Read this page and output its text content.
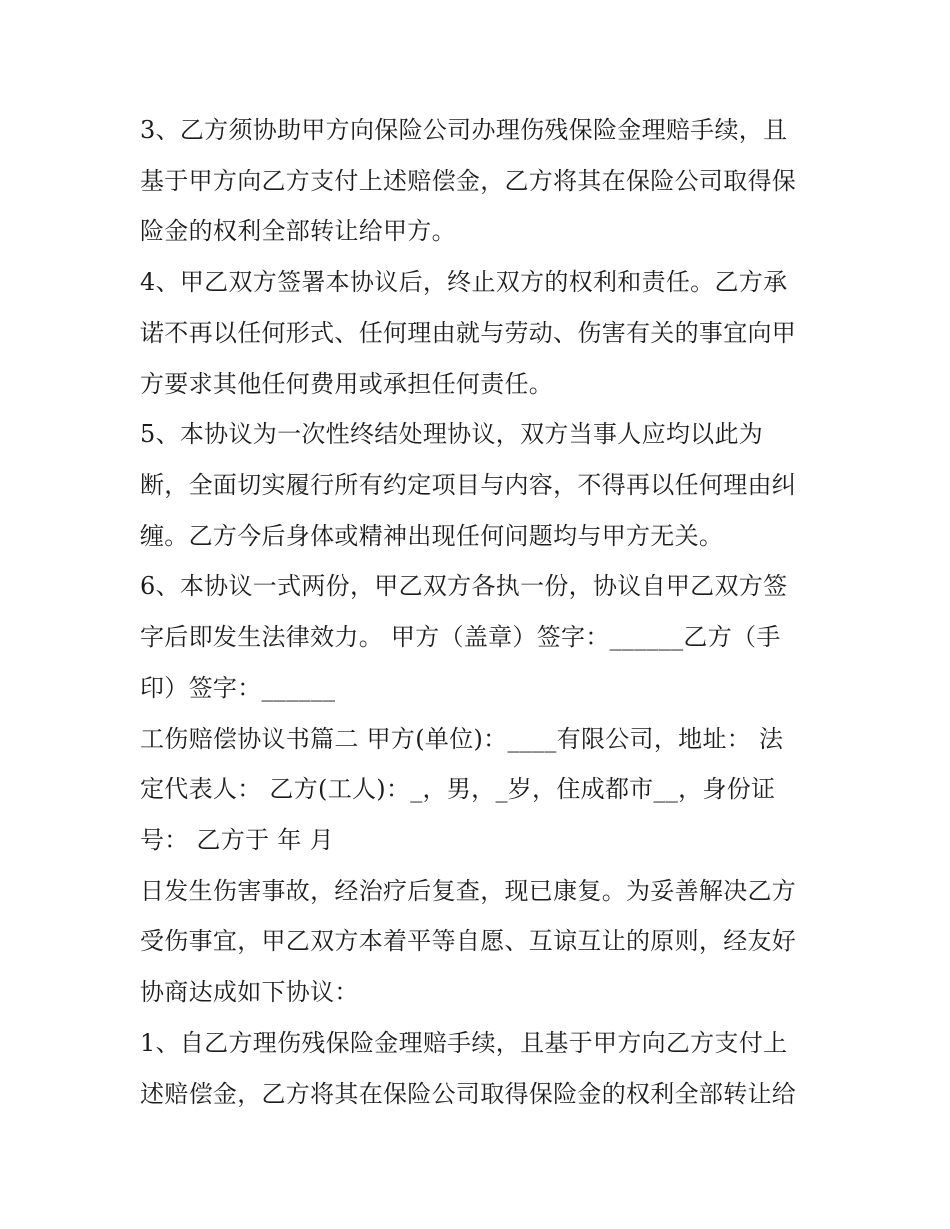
3、乙方须协助甲方向保险公司办理伤残保险金理赔手续，且
基于甲方向乙方支付上述赔偿金，乙方将其在保险公司取得保
险金的权利全部转让给甲方。
4、甲乙双方签署本协议后，终止双方的权利和责任。乙方承
诺不再以任何形式、任何理由就与劳动、伤害有关的事宜向甲
方要求其他任何费用或承担任何责任。
5、本协议为一次性终结处理协议，双方当事人应均以此为
断，全面切实履行所有约定项目与内容，不得再以任何理由纠
缠。乙方今后身体或精神出现任何问题均与甲方无关。
6、本协议一式两份，甲乙双方各执一份，协议自甲乙双方签
字后即发生法律效力。 甲方（盖章）签字：______乙方（手
印）签字：______
工伤赔偿协议书篇二 甲方(单位)：____有限公司，地址： 法
定代表人： 乙方(工人)：_，男，_岁，住成都市__，身份证
号： 乙方于 年 月
日发生伤害事故，经治疗后复查，现已康复。为妥善解决乙方
受伤事宜，甲乙双方本着平等自愿、互谅互让的原则，经友好
协商达成如下协议：
1、自乙方理伤残保险金理赔手续，且基于甲方向乙方支付上
述赔偿金，乙方将其在保险公司取得保险金的权利全部转让给
